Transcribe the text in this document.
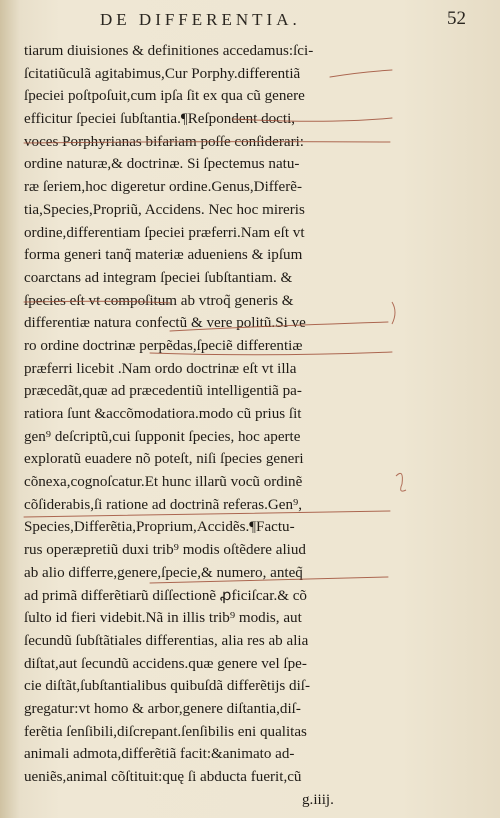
DE DIFFERENTIA.	52
tiarum diuisiones & definitiones accedamus:ſci-
ſcitatiũculã agitabimus,Cur Porphy.differentiã
ſpeciei poſtpoſuit,cum ipſa ſit ex qua cũ genere
efficitur ſpeciei ſubſtantia.¶Reſpondent docti,
voces Porphyrianas bifariam poſſe conſiderari:
ordine naturæ,& doctrinæ. Si ſpectemus natu-
ræ ſeriem,hoc digeretur ordine.Genus,Differẽ-
tia,Species,Propriũ, Accidens. Nec hoc mireris
ordine,differentiam ſpeciei præferri.Nam eſt vt
forma generi tanq̃ materiæ adueniens & ipſum
coarctans ad integram ſpeciei ſubſtantiam. &
ſpecies eſt vt compoſitum ab vtroq̃ generis &
differentiæ natura confectũ & vere politũ.Si ve
ro ordine doctrinæ perpẽdas,ſpeciẽ differentiæ
præferri licebit .Nam ordo doctrinæ eſt vt illa
præcedãt,quæ ad præcedentiũ intelligentiã pa-
ratiora ſunt &accõmodatiora.modo cũ prius ſit
gen⁹ deſcriptũ,cui ſupponit ſpecies, hoc aperte
exploratũ euadere nõ poteſt, niſi ſpecies generi
cõnexa,cognoſcatur.Et hunc illarũ vocũ ordinẽ
cõſiderabis,ſi ratione ad doctrinã referas.Gen⁹,
Species,Differẽtia,Proprium,Accidẽs.¶Factu-
rus operæpretiũ duxi trib⁹ modis oſtẽdere aliud
ab alio differre,genere,ſpecie,& numero, anteq̃
ad primã differẽtiarũ diſſectionẽ ꝓficiſcar.& cõ
ſulto id fieri videbit.Nã in illis trib⁹ modis, aut
ſecundũ ſubſtãtiales differentias, alia res ab alia
diſtat,aut ſecundũ accidens.quæ genere vel ſpe-
cie diſtãt,ſubſtantialibus quibuſdã differẽtijs diſ-
gregatur:vt homo & arbor,genere diſtantia,diſ-
ferẽtia ſenſibili,diſcrepant.ſenſibilis eni qualitas
animali admota,differẽtiã facit:&animato ad-
ueniẽs,animal cõſtituit:quę ſi abducta fuerit,cũ
g.iiij.
